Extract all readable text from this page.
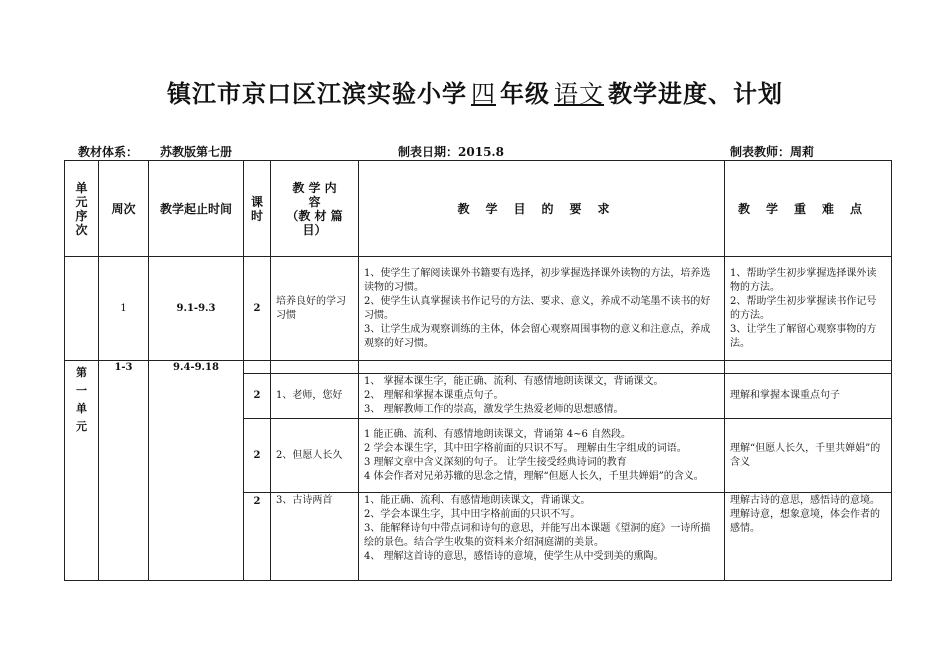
镇江市京口区江滨实验小学 四 年级 语文 教学进度、计划
教材体系： 苏教版第七册	制表日期：2015.8	制表教师：周莉
单
元
序
次	周次	教学起止时间	课
时	教 学 内
容
（教 材 篇
目）	教学目的要求	教学重难点
	1	9.1-9.3	2	培养良好的学习习惯	1、使学生了解阅读课外书籍要有选择，初步掌握选择课外读物的方法，培养选读物的习惯。
2、使学生认真掌握读书作记号的方法、要求、意义，养成不动笔墨不读书的好习惯。
3、让学生成为观察训练的主体，体会留心观察周围事物的意义和注意点，养成观察的好习惯。	1、帮助学生初步掌握选择课外读物的方法。
2、帮助学生初步掌握读书作记号的方法。
3、让学生了解留心观察事物的方法。

第
一
单
元	1-3	9.4-9.18				
			2	1、老师，您好	1、 掌握本课生字，能正确、流利、有感情地朗读课文，背诵课文。
2、 理解和掌握本课重点句子。
3、 理解教师工作的崇高，激发学生热爱老师的思想感情。	理解和掌握本课重点句子
			2	2、但愿人长久	1 能正确、流利、有感情地朗读课文，背诵第 4~6 自然段。
2 学会本课生字，其中田字格前面的只识不写。 理解由生字组成的词语。
3 理解文章中含义深刻的句子。 让学生接受经典诗词的教育
4 体会作者对兄弟苏辙的思念之情，理解“但愿人长久，千里共婵娟”的含义。	理解“但愿人长久，千里共婵娟”的含义
			2	3、古诗两首	1、能正确、流利、有感情地朗读课文，背诵课文。
2、学会本课生字，其中田字格前面的只识不写。
3、能解释诗句中带点词和诗句的意思，并能写出本课题《望洞的庭》一诗所描绘的景色。结合学生收集的资料来介绍洞庭湖的美景。
4、 理解这首诗的意思，感悟诗的意境，使学生从中受到美的熏陶。	理解古诗的意思，感悟诗的意境。
理解诗意，想象意境，体会作者的感情。
